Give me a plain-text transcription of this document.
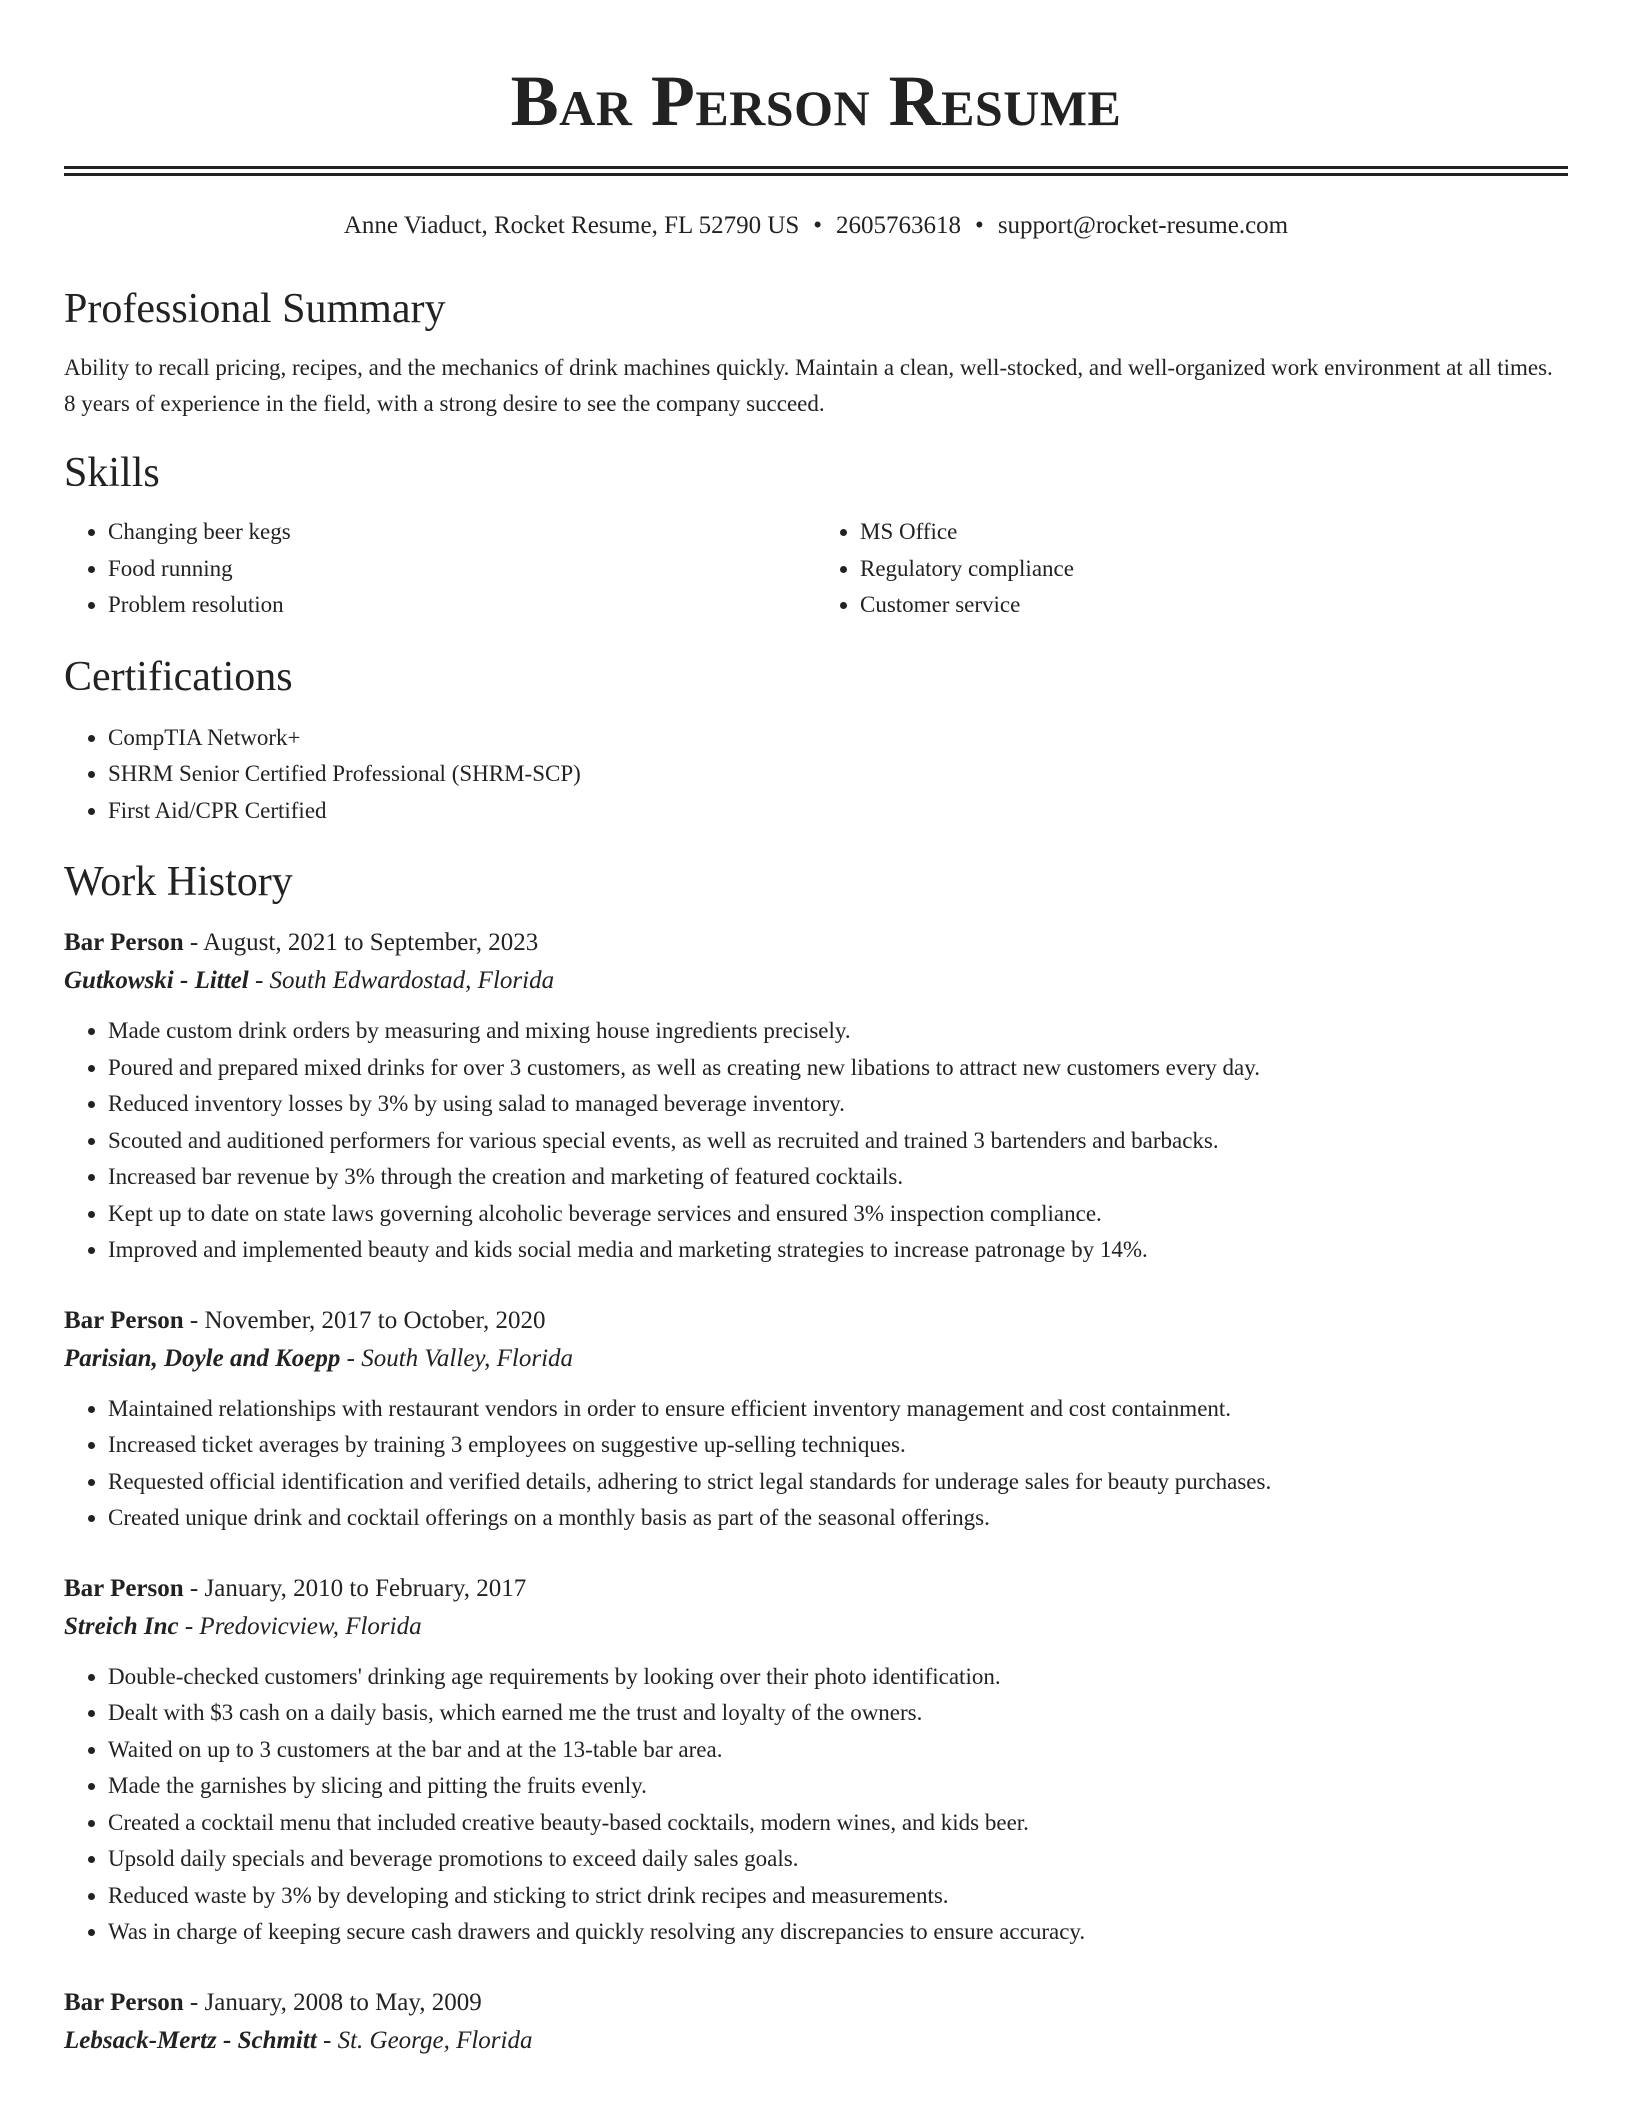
Bar Person Resume
Anne Viaduct, Rocket Resume, FL 52790 US • 2605763618 • support@rocket-resume.com
Professional Summary

Ability to recall pricing, recipes, and the mechanics of drink machines quickly. Maintain a clean, well-stocked, and well-organized work environment at all times. 8 years of experience in the field, with a strong desire to see the company succeed.

Skills
• Changing beer kegs
• Food running
• Problem resolution
• MS Office
• Regulatory compliance
• Customer service
Certifications
• CompTIA Network+
• SHRM Senior Certified Professional (SHRM-SCP)
• First Aid/CPR Certified
Work History
Bar Person - August, 2021 to September, 2023
Gutkowski - Littel - South Edwardostad, Florida
• Made custom drink orders by measuring and mixing house ingredients precisely.
• Poured and prepared mixed drinks for over 3 customers, as well as creating new libations to attract new customers every day.
• Reduced inventory losses by 3% by using salad to managed beverage inventory.
• Scouted and auditioned performers for various special events, as well as recruited and trained 3 bartenders and barbacks.
• Increased bar revenue by 3% through the creation and marketing of featured cocktails.
• Kept up to date on state laws governing alcoholic beverage services and ensured 3% inspection compliance.
• Improved and implemented beauty and kids social media and marketing strategies to increase patronage by 14%.
Bar Person - November, 2017 to October, 2020
Parisian, Doyle and Koepp - South Valley, Florida
• Maintained relationships with restaurant vendors in order to ensure efficient inventory management and cost containment.
• Increased ticket averages by training 3 employees on suggestive up-selling techniques.
• Requested official identification and verified details, adhering to strict legal standards for underage sales for beauty purchases.
• Created unique drink and cocktail offerings on a monthly basis as part of the seasonal offerings.
Bar Person - January, 2010 to February, 2017
Streich Inc - Predovicview, Florida
• Double-checked customers' drinking age requirements by looking over their photo identification.
• Dealt with $3 cash on a daily basis, which earned me the trust and loyalty of the owners.
• Waited on up to 3 customers at the bar and at the 13-table bar area.
• Made the garnishes by slicing and pitting the fruits evenly.
• Created a cocktail menu that included creative beauty-based cocktails, modern wines, and kids beer.
• Upsold daily specials and beverage promotions to exceed daily sales goals.
• Reduced waste by 3% by developing and sticking to strict drink recipes and measurements.
• Was in charge of keeping secure cash drawers and quickly resolving any discrepancies to ensure accuracy.
Bar Person - January, 2008 to May, 2009
Lebsack-Mertz - Schmitt - St. George, Florida
